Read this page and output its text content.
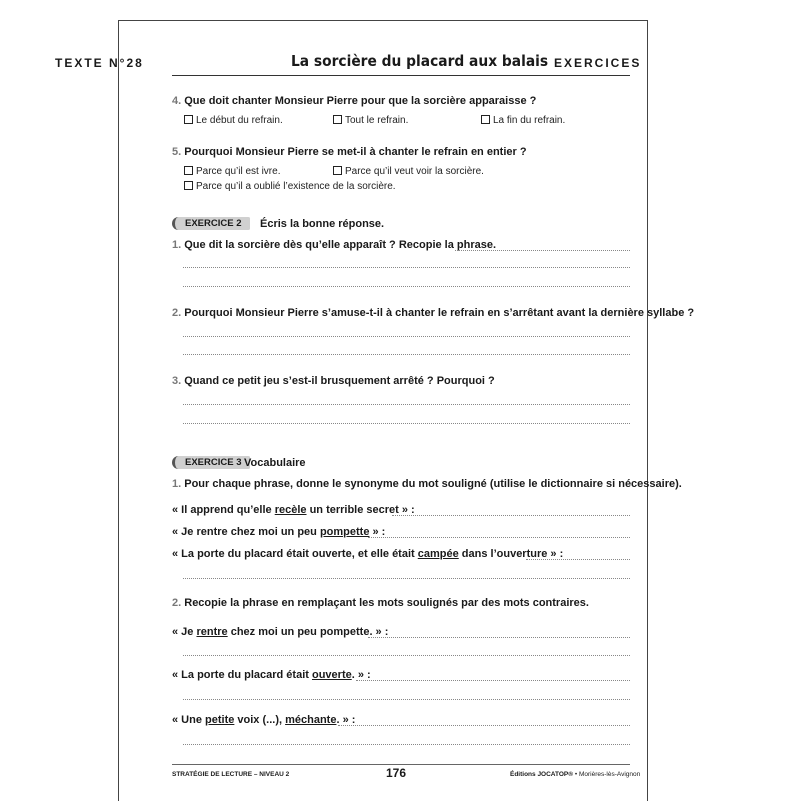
TEXTE N°28	La sorcière du placard aux balais EXERCICES
4. Que doit chanter Monsieur Pierre pour que la sorcière apparaisse ?
Le début du refrain.	Tout le refrain.	La fin du refrain.
5. Pourquoi Monsieur Pierre se met-il à chanter le refrain en entier ?
Parce qu’il est ivre.	Parce qu’il veut voir la sorcière.
Parce qu’il a oublié l’existence de la sorcière.
EXERCICE 2	Écris la bonne réponse.
1. Que dit la sorcière dès qu’elle apparaît ? Recopie la phrase.
2. Pourquoi Monsieur Pierre s’amuse-t-il à chanter le refrain en s’arrêtant avant la dernière syllabe ?
3. Quand ce petit jeu s’est-il brusquement arrêté ? Pourquoi ?
EXERCICE 3 Vocabulaire
1. Pour chaque phrase, donne le synonyme du mot souligné (utilise le dictionnaire si nécessaire).
« Il apprend qu’elle recèle un terrible secret » :
« Je rentre chez moi un peu pompette » :
« La porte du placard était ouverte, et elle était campée dans l’ouverture » :
2. Recopie la phrase en remplaçant les mots soulignés par des mots contraires.
« Je rentre chez moi un peu pompette. » :
« La porte du placard était ouverte. » :
« Une petite voix (...), méchante. » :
STRATÉGIE DE LECTURE – NIVEAU 2	176	Éditions JOCATOP® • Morières-lès-Avignon
